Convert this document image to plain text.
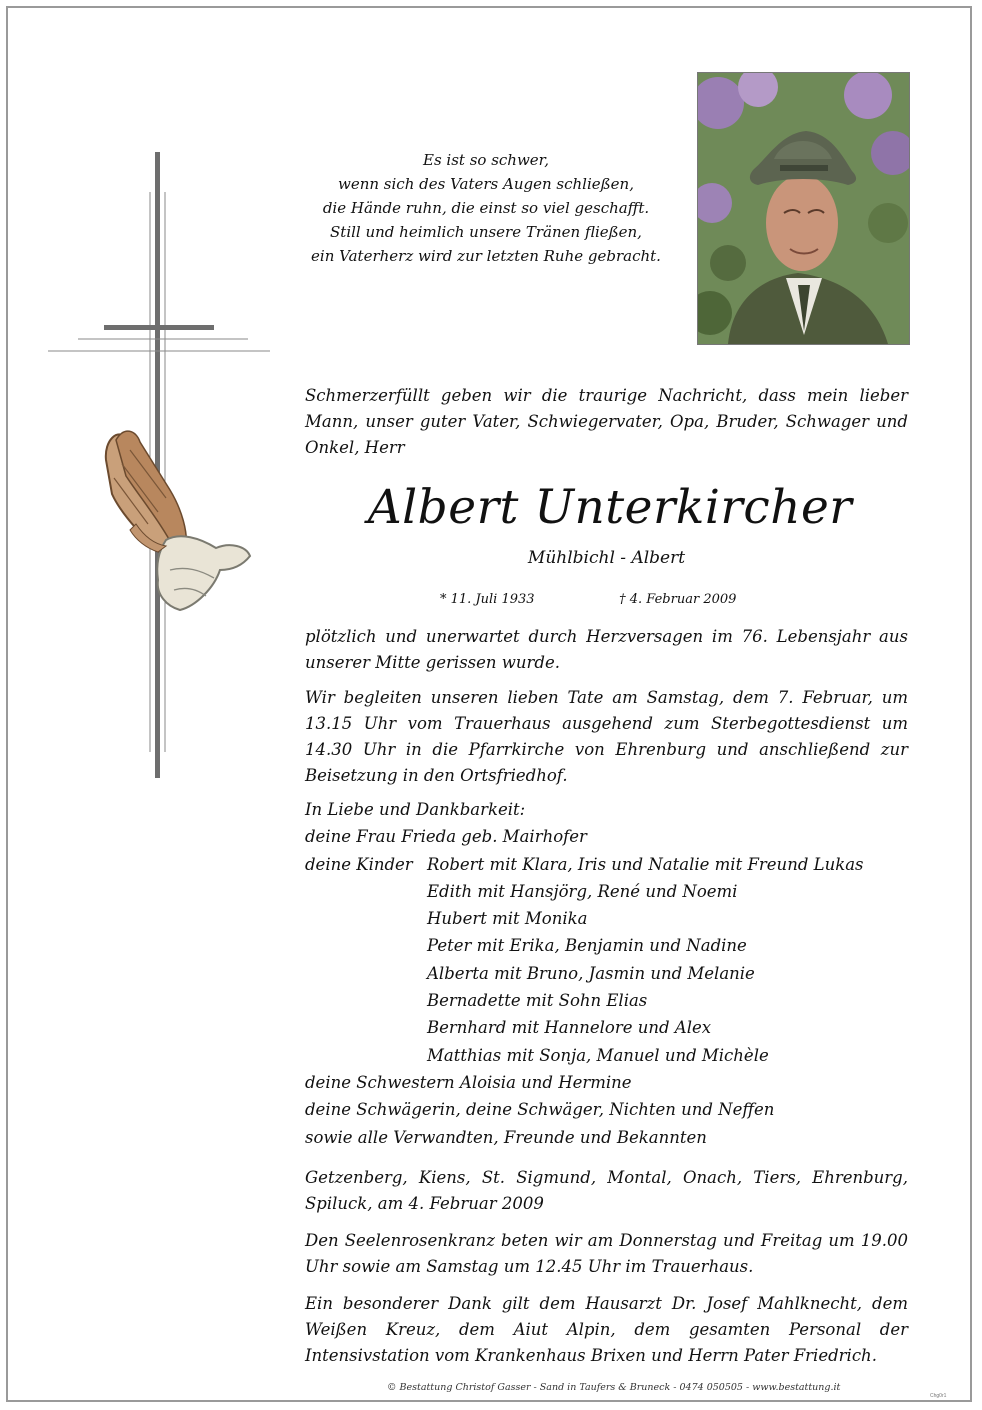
Es ist so schwer,
wenn sich des Vaters Augen schließen,
die Hände ruhn, die einst so viel geschafft.
Still und heimlich unsere Tränen fließen,
ein Vaterherz wird zur letzten Ruhe gebracht.

Schmerzerfüllt geben wir die traurige Nachricht, dass mein lieber Mann, unser guter Vater, Schwiegervater, Opa, Bruder, Schwager und Onkel, Herr

Albert Unterkircher
Mühlbichl - Albert
* 11. Juli 1933	† 4. Februar 2009

plötzlich und unerwartet durch Herzversagen im 76. Lebensjahr aus unserer Mitte gerissen wurde.

Wir begleiten unseren lieben Tate am Samstag, dem 7. Februar, um 13.15 Uhr vom Trauerhaus ausgehend zum Sterbegottesdienst um 14.30 Uhr in die Pfarrkirche von Ehrenburg und anschließend zur Beisetzung in den Ortsfriedhof.

In Liebe und Dankbarkeit:
deine Frau Frieda geb. Mairhofer
deine Kinder Robert mit Klara, Iris und Natalie mit Freund Lukas
Edith mit Hansjörg, René und Noemi
Hubert mit Monika
Peter mit Erika, Benjamin und Nadine
Alberta mit Bruno, Jasmin und Melanie
Bernadette mit Sohn Elias
Bernhard mit Hannelore und Alex
Matthias mit Sonja, Manuel und Michèle
deine Schwestern Aloisia und Hermine
deine Schwägerin, deine Schwäger, Nichten und Neffen
sowie alle Verwandten, Freunde und Bekannten

Getzenberg, Kiens, St. Sigmund, Montal, Onach, Tiers, Ehrenburg, Spiluck, am 4. Februar 2009

Den Seelenrosenkranz beten wir am Donnerstag und Freitag um 19.00 Uhr sowie am Samstag um 12.45 Uhr im Trauerhaus.

Ein besonderer Dank gilt dem Hausarzt Dr. Josef Mahlknecht, dem Weißen Kreuz, dem Aiut Alpin, dem gesamten Personal der Intensivstation vom Krankenhaus Brixen und Herrn Pater Friedrich.

© Bestattung Christof Gasser - Sand in Taufers & Bruneck - 0474 050505 - www.bestattung.it
Chg0r1
